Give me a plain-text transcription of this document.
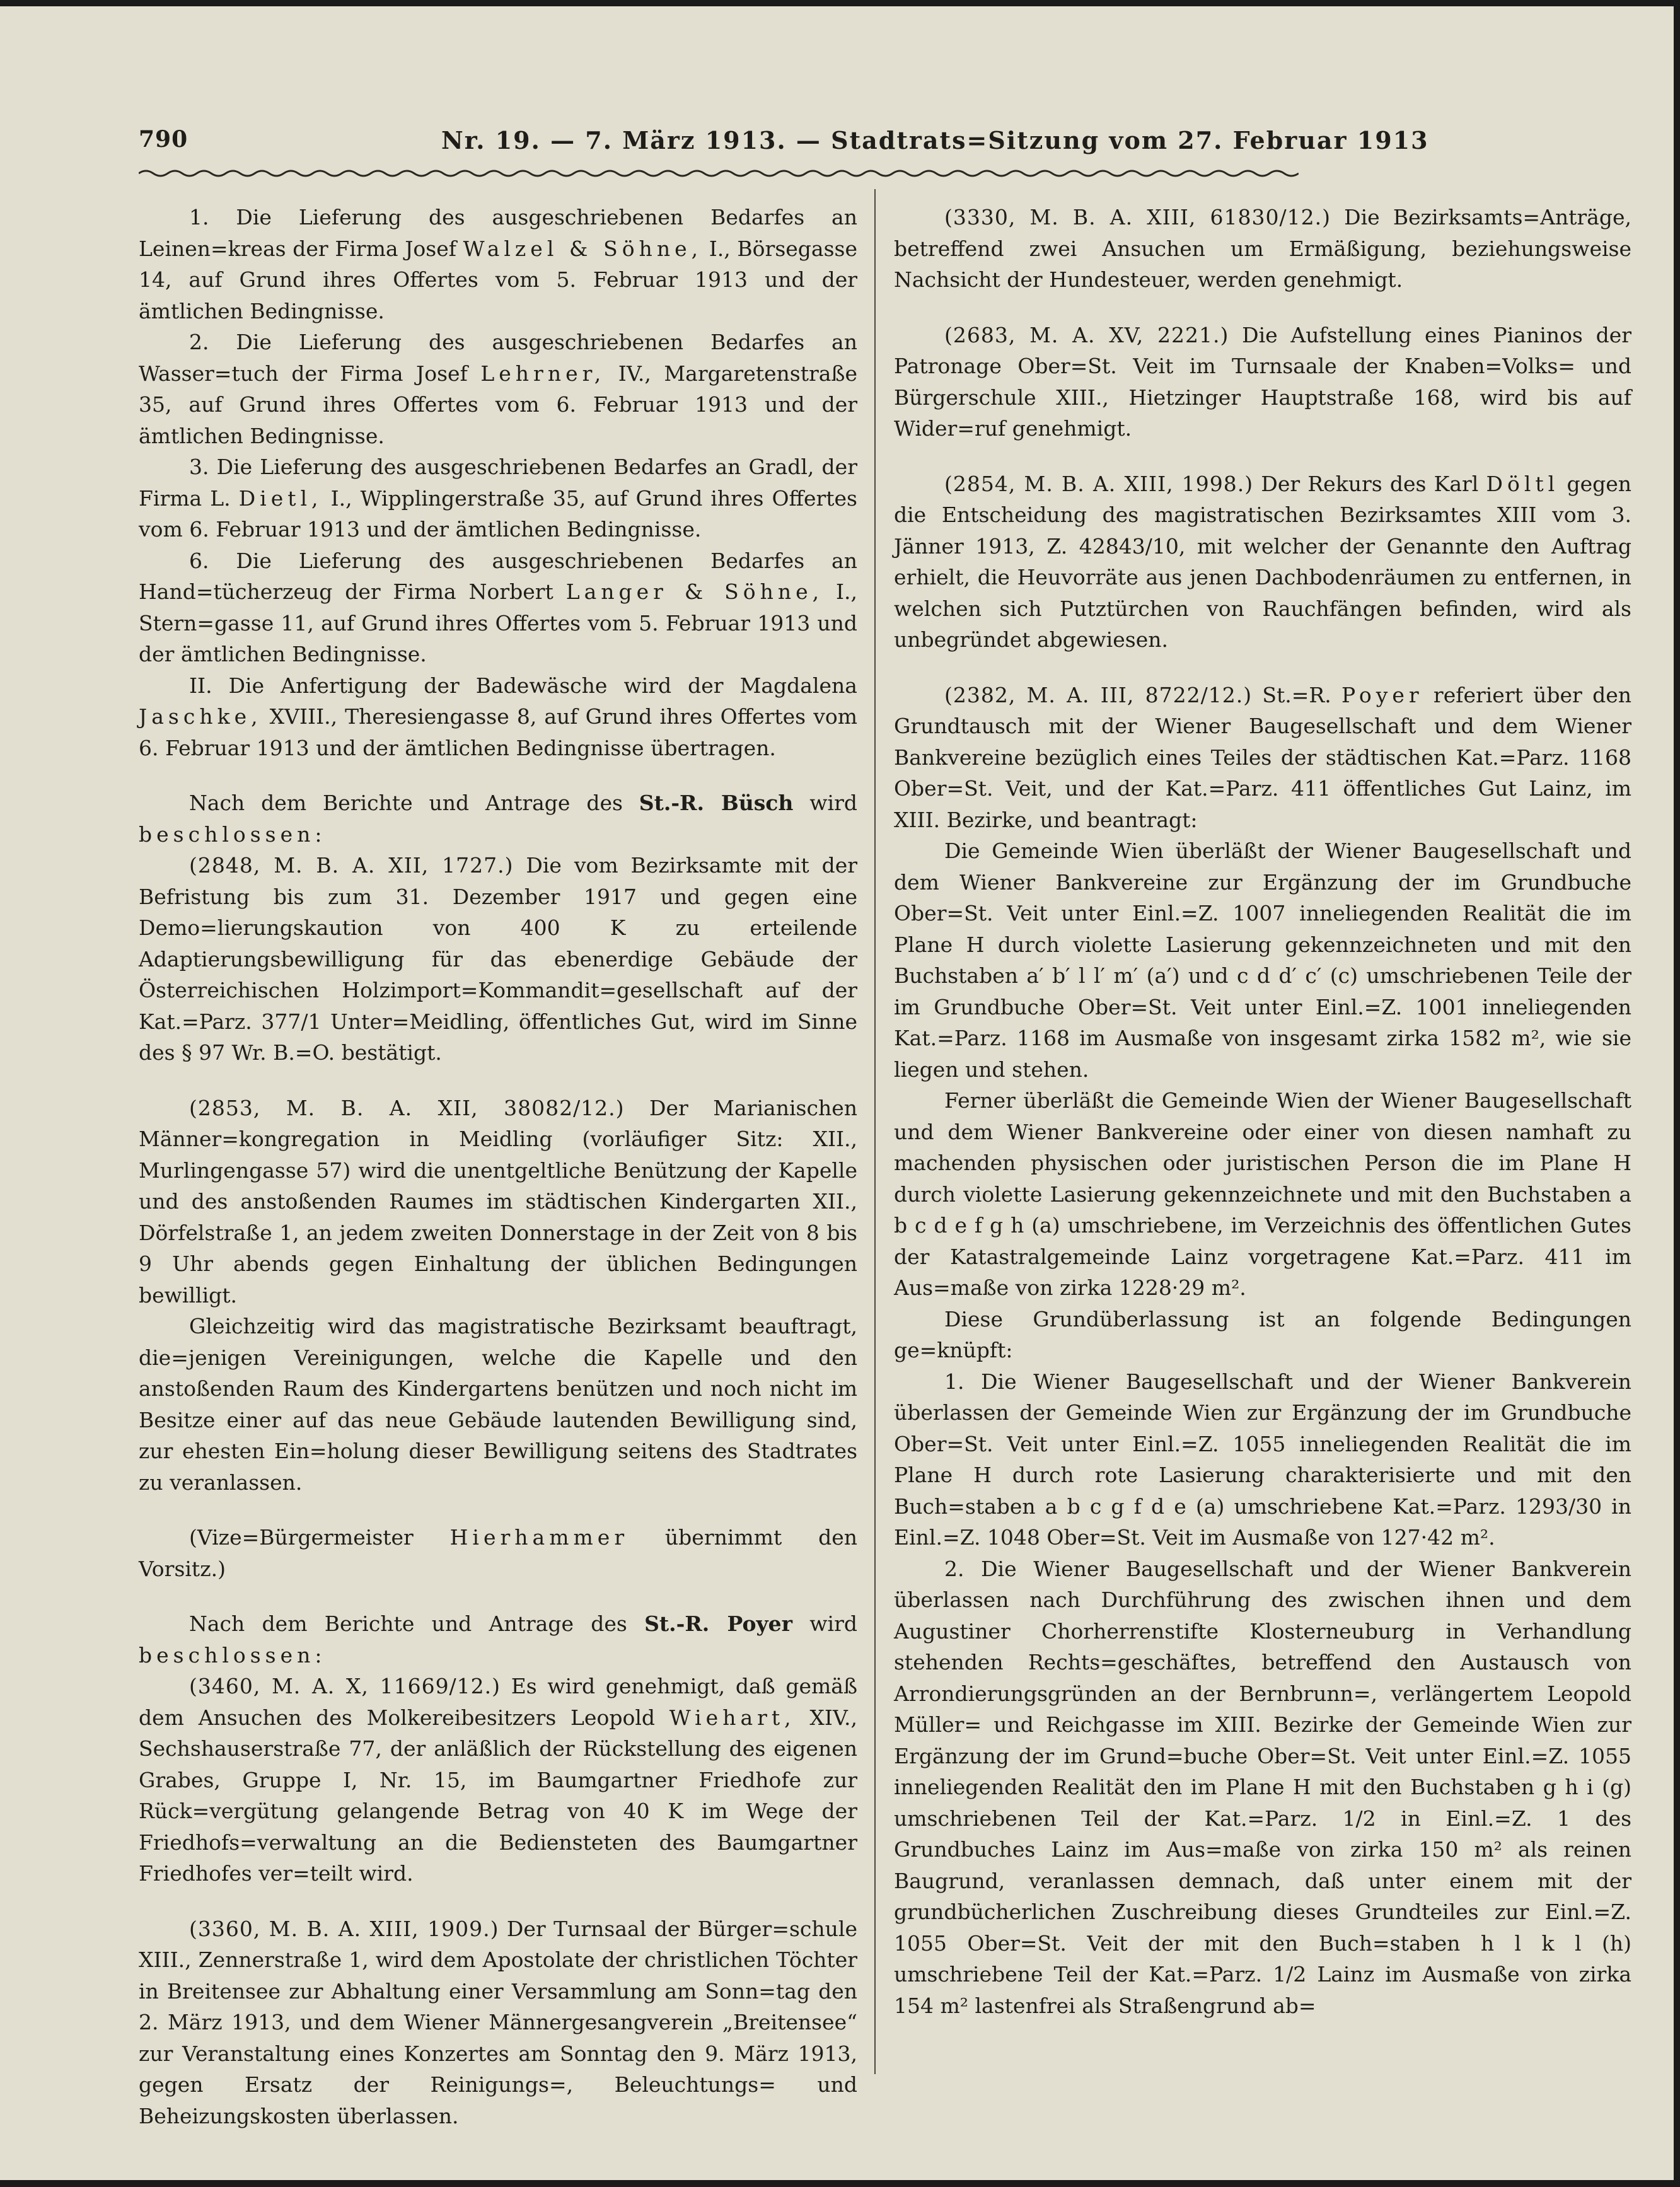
790	Nr. 19. — 7. März 1913. — Stadtrats=Sitzung vom 27. Februar 1913

1. Die Lieferung des ausgeschriebenen Bedarfes an Leinen=kreas der Firma Josef Walzel & Söhne, I., Börsegasse 14, auf Grund ihres Offertes vom 5. Februar 1913 und der ämtlichen Bedingnisse.

2. Die Lieferung des ausgeschriebenen Bedarfes an Wasser=tuch der Firma Josef Lehrner, IV., Margaretenstraße 35, auf Grund ihres Offertes vom 6. Februar 1913 und der ämtlichen Bedingnisse.

3. Die Lieferung des ausgeschriebenen Bedarfes an Gradl, der Firma L. Dietl, I., Wipplingerstraße 35, auf Grund ihres Offertes vom 6. Februar 1913 und der ämtlichen Bedingnisse.

6. Die Lieferung des ausgeschriebenen Bedarfes an Hand=tücherzeug der Firma Norbert Langer & Söhne, I., Stern=gasse 11, auf Grund ihres Offertes vom 5. Februar 1913 und der ämtlichen Bedingnisse.

II. Die Anfertigung der Badewäsche wird der Magdalena Jaschke, XVIII., Theresiengasse 8, auf Grund ihres Offertes vom 6. Februar 1913 und der ämtlichen Bedingnisse übertragen.

Nach dem Berichte und Antrage des St.-R. Büsch wird beschlossen:

(2848, M. B. A. XII, 1727.) Die vom Bezirksamte mit der Befristung bis zum 31. Dezember 1917 und gegen eine Demo=lierungskaution von 400 K zu erteilende Adaptierungsbewilligung für das ebenerdige Gebäude der Österreichischen Holzimport=Kommandit=gesellschaft auf der Kat.=Parz. 377/1 Unter=Meidling, öffentliches Gut, wird im Sinne des § 97 Wr. B.=O. bestätigt.

(2853, M. B. A. XII, 38082/12.) Der Marianischen Männer=kongregation in Meidling (vorläufiger Sitz: XII., Murlingengasse 57) wird die unentgeltliche Benützung der Kapelle und des anstoßenden Raumes im städtischen Kindergarten XII., Dörfelstraße 1, an jedem zweiten Donnerstage in der Zeit von 8 bis 9 Uhr abends gegen Einhaltung der üblichen Bedingungen bewilligt.

Gleichzeitig wird das magistratische Bezirksamt beauftragt, die=jenigen Vereinigungen, welche die Kapelle und den anstoßenden Raum des Kindergartens benützen und noch nicht im Besitze einer auf das neue Gebäude lautenden Bewilligung sind, zur ehesten Ein=holung dieser Bewilligung seitens des Stadtrates zu veranlassen.

(Vize=Bürgermeister Hierhammer übernimmt den Vorsitz.)

Nach dem Berichte und Antrage des St.-R. Poyer wird beschlossen:

(3460, M. A. X, 11669/12.) Es wird genehmigt, daß gemäß dem Ansuchen des Molkereibesitzers Leopold Wiehart, XIV., Sechshauserstraße 77, der anläßlich der Rückstellung des eigenen Grabes, Gruppe I, Nr. 15, im Baumgartner Friedhofe zur Rück=vergütung gelangende Betrag von 40 K im Wege der Friedhofs=verwaltung an die Bediensteten des Baumgartner Friedhofes ver=teilt wird.

(3360, M. B. A. XIII, 1909.) Der Turnsaal der Bürger=schule XIII., Zennerstraße 1, wird dem Apostolate der christlichen Töchter in Breitensee zur Abhaltung einer Versammlung am Sonn=tag den 2. März 1913, und dem Wiener Männergesangverein „Breitensee“ zur Veranstaltung eines Konzertes am Sonntag den 9. März 1913, gegen Ersatz der Reinigungs=, Beleuchtungs= und Beheizungskosten überlassen.

(3330, M. B. A. XIII, 61830/12.) Die Bezirksamts=Anträge, betreffend zwei Ansuchen um Ermäßigung, beziehungsweise Nachsicht der Hundesteuer, werden genehmigt.

(2683, M. A. XV, 2221.) Die Aufstellung eines Pianinos der Patronage Ober=St. Veit im Turnsaale der Knaben=Volks= und Bürgerschule XIII., Hietzinger Hauptstraße 168, wird bis auf Wider=ruf genehmigt.

(2854, M. B. A. XIII, 1998.) Der Rekurs des Karl Döltl gegen die Entscheidung des magistratischen Bezirksamtes XIII vom 3. Jänner 1913, Z. 42843/10, mit welcher der Genannte den Auftrag erhielt, die Heuvorräte aus jenen Dachbodenräumen zu entfernen, in welchen sich Putztürchen von Rauchfängen befinden, wird als unbegründet abgewiesen.

(2382, M. A. III, 8722/12.) St.=R. Poyer referiert über den Grundtausch mit der Wiener Baugesellschaft und dem Wiener Bankvereine bezüglich eines Teiles der städtischen Kat.=Parz. 1168 Ober=St. Veit, und der Kat.=Parz. 411 öffentliches Gut Lainz, im XIII. Bezirke, und beantragt:

Die Gemeinde Wien überläßt der Wiener Baugesellschaft und dem Wiener Bankvereine zur Ergänzung der im Grundbuche Ober=St. Veit unter Einl.=Z. 1007 inneliegenden Realität die im Plane H durch violette Lasierung gekennzeichneten und mit den Buchstaben a′ b′ l l′ m′ (a′) und c d d′ c′ (c) umschriebenen Teile der im Grundbuche Ober=St. Veit unter Einl.=Z. 1001 inneliegenden Kat.=Parz. 1168 im Ausmaße von insgesamt zirka 1582 m², wie sie liegen und stehen.

Ferner überläßt die Gemeinde Wien der Wiener Baugesellschaft und dem Wiener Bankvereine oder einer von diesen namhaft zu machenden physischen oder juristischen Person die im Plane H durch violette Lasierung gekennzeichnete und mit den Buchstaben a b c d e f g h (a) umschriebene, im Verzeichnis des öffentlichen Gutes der Katastralgemeinde Lainz vorgetragene Kat.=Parz. 411 im Aus=maße von zirka 1228·29 m².

Diese Grundüberlassung ist an folgende Bedingungen ge=knüpft:

1. Die Wiener Baugesellschaft und der Wiener Bankverein überlassen der Gemeinde Wien zur Ergänzung der im Grundbuche Ober=St. Veit unter Einl.=Z. 1055 inneliegenden Realität die im Plane H durch rote Lasierung charakterisierte und mit den Buch=staben a b c g f d e (a) umschriebene Kat.=Parz. 1293/30 in Einl.=Z. 1048 Ober=St. Veit im Ausmaße von 127·42 m².

2. Die Wiener Baugesellschaft und der Wiener Bankverein überlassen nach Durchführung des zwischen ihnen und dem Augustiner Chorherrenstifte Klosterneuburg in Verhandlung stehenden Rechts=geschäftes, betreffend den Austausch von Arrondierungsgründen an der Bernbrunn=, verlängertem Leopold Müller= und Reichgasse im XIII. Bezirke der Gemeinde Wien zur Ergänzung der im Grund=buche Ober=St. Veit unter Einl.=Z. 1055 inneliegenden Realität den im Plane H mit den Buchstaben g h i (g) umschriebenen Teil der Kat.=Parz. 1/2 in Einl.=Z. 1 des Grundbuches Lainz im Aus=maße von zirka 150 m² als reinen Baugrund, veranlassen demnach, daß unter einem mit der grundbücherlichen Zuschreibung dieses Grundteiles zur Einl.=Z. 1055 Ober=St. Veit der mit den Buch=staben h l k l (h) umschriebene Teil der Kat.=Parz. 1/2 Lainz im Ausmaße von zirka 154 m² lastenfrei als Straßengrund ab=
